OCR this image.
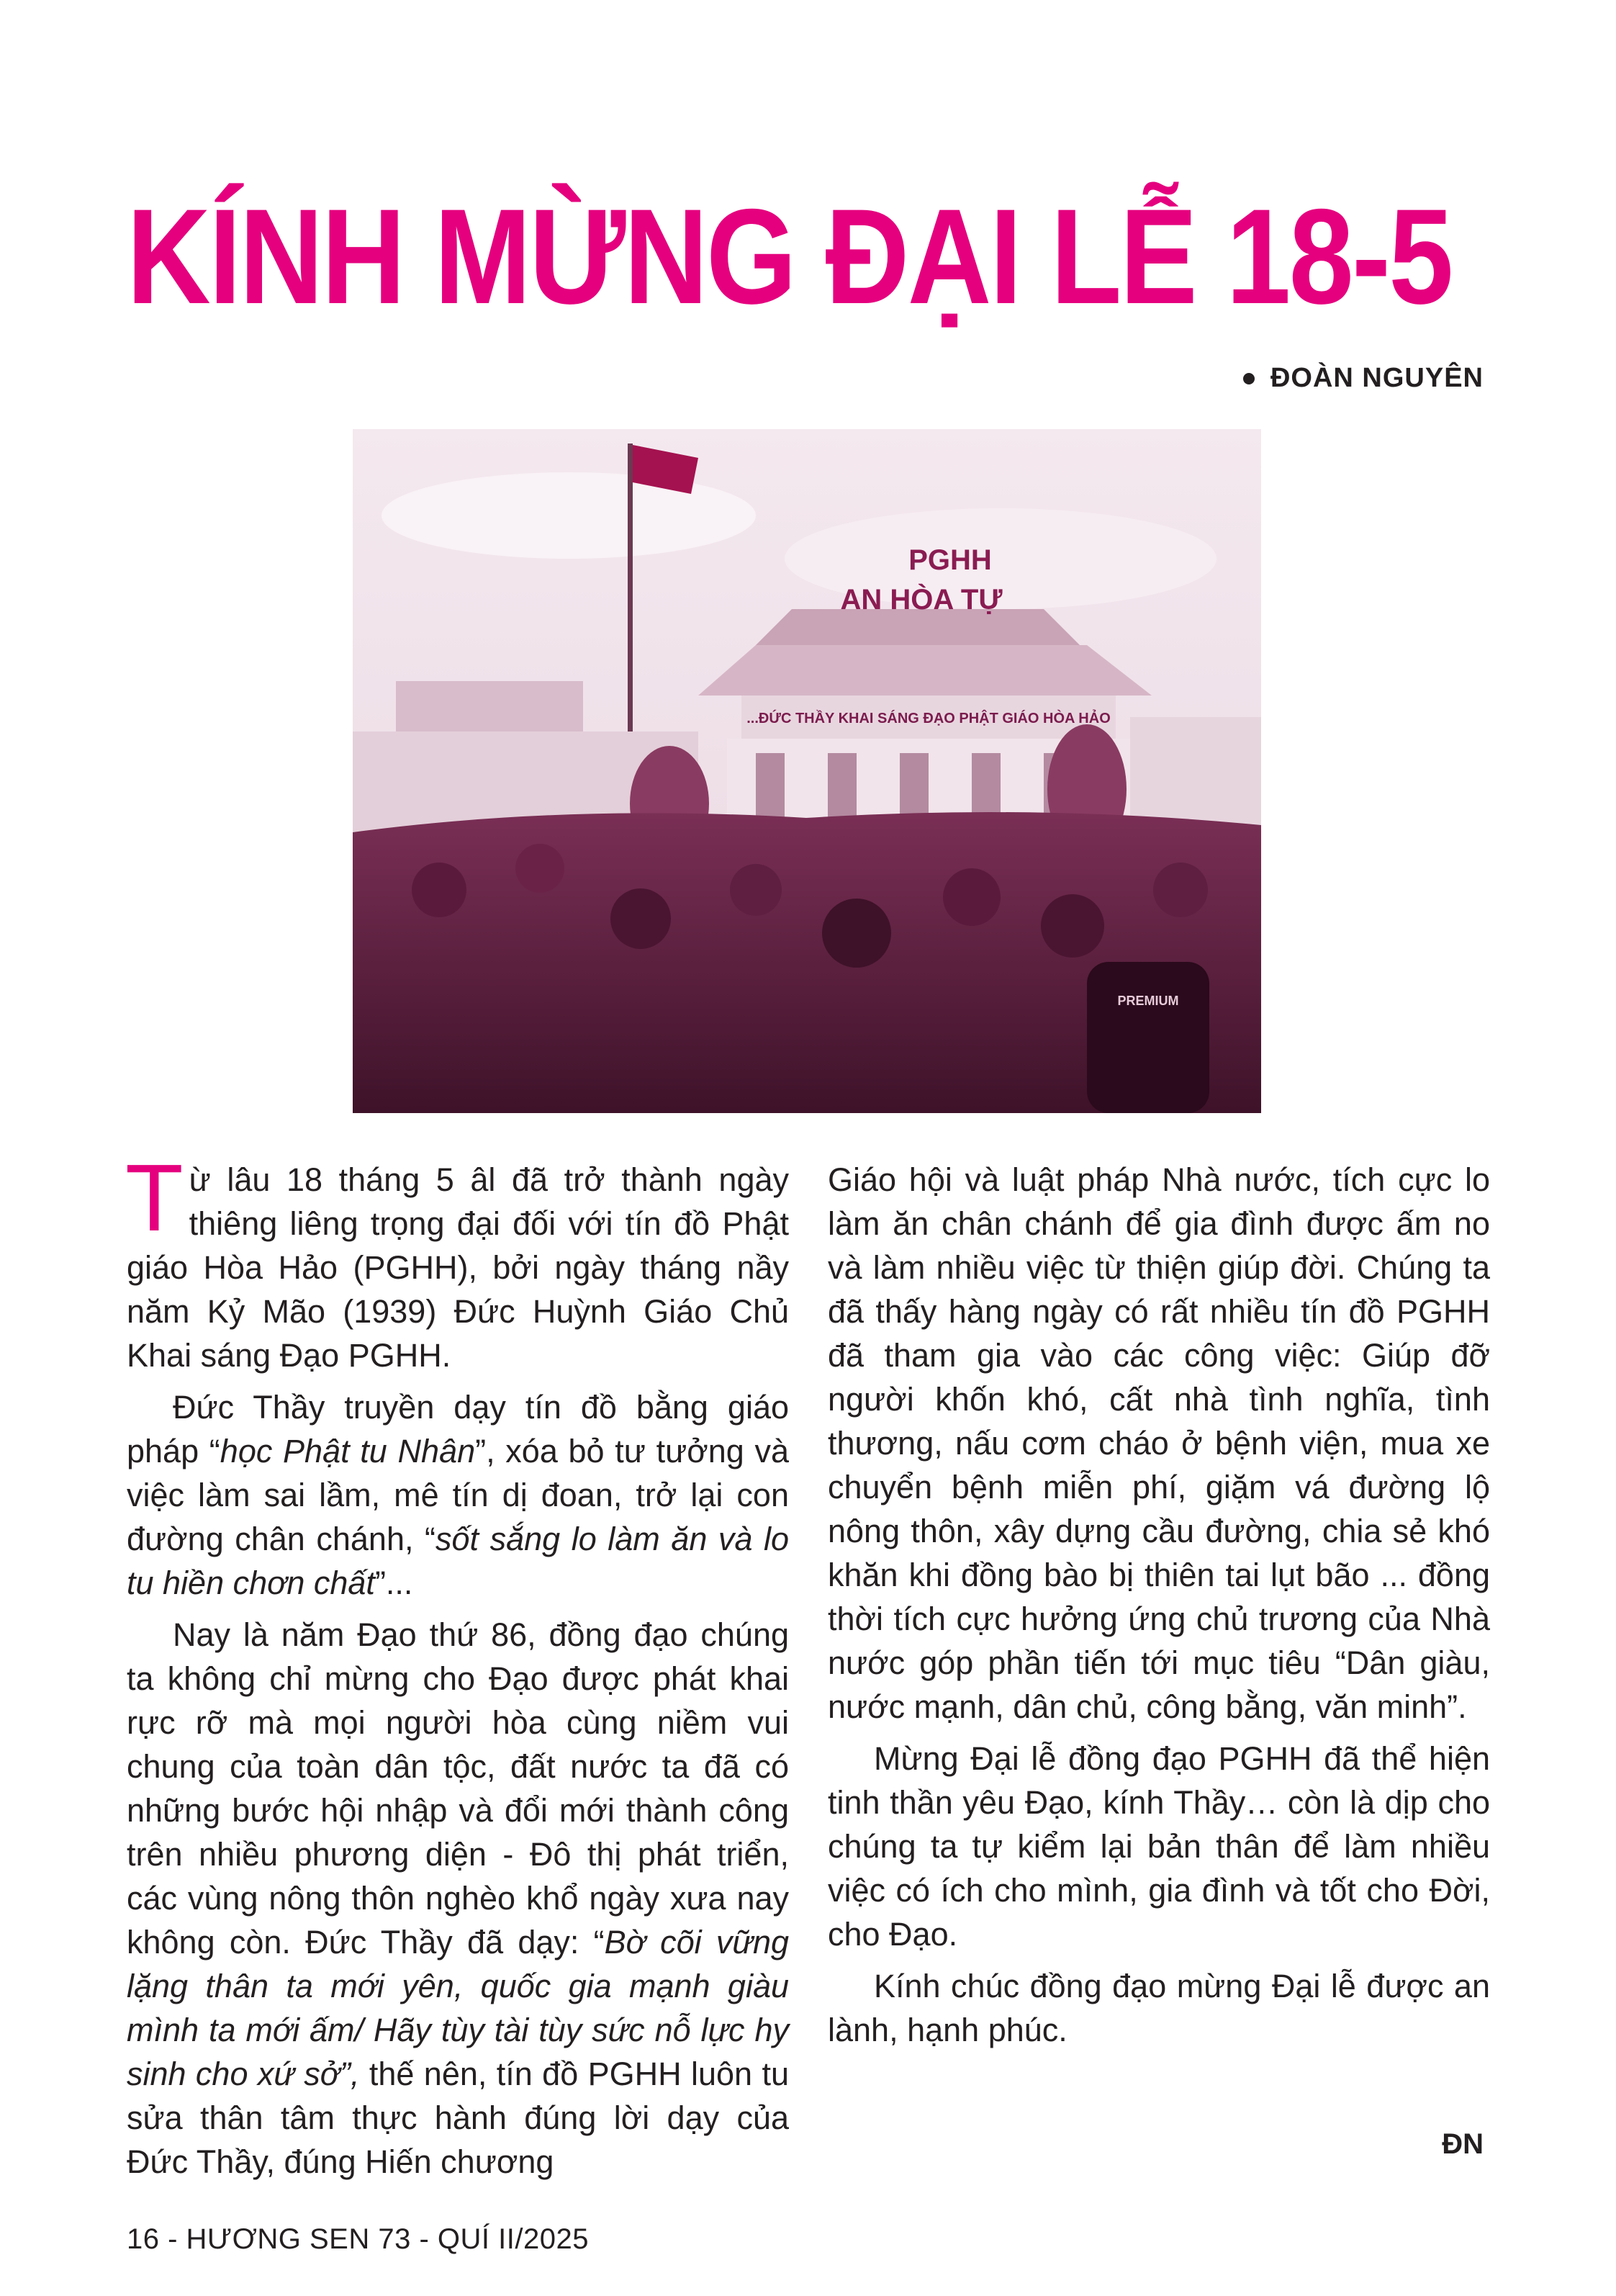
KÍNH MỪNG ĐẠI LỄ 18-5
ĐOÀN NGUYÊN
...ĐỨC THẦY KHAI SÁNG ĐẠO PHẬT GIÁO HÒA HẢO
PGHH
AN HÒA TỰ
PREMIUM

Từ lâu 18 tháng 5 âl đã trở thành ngày thiêng liêng trọng đại đối với tín đồ Phật giáo Hòa Hảo (PGHH), bởi ngày tháng nầy năm Kỷ Mão (1939) Đức Huỳnh Giáo Chủ Khai sáng Đạo PGHH.

Đức Thầy truyền dạy tín đồ bằng giáo pháp “học Phật tu Nhân”, xóa bỏ tư tưởng và việc làm sai lầm, mê tín dị đoan, trở lại con đường chân chánh, “sốt sắng lo làm ăn và lo tu hiền chơn chất”...

Nay là năm Đạo thứ 86, đồng đạo chúng ta không chỉ mừng cho Đạo được phát khai rực rỡ mà mọi người hòa cùng niềm vui chung của toàn dân tộc, đất nước ta đã có những bước hội nhập và đổi mới thành công trên nhiều phương diện - Đô thị phát triển, các vùng nông thôn nghèo khổ ngày xưa nay không còn. Đức Thầy đã dạy: “Bờ cõi vững lặng thân ta mới yên, quốc gia mạnh giàu mình ta mới ấm/ Hãy tùy tài tùy sức nỗ lực hy sinh cho xứ sở”, thế nên, tín đồ PGHH luôn tu sửa thân tâm thực hành đúng lời dạy của Đức Thầy, đúng Hiến chương

Giáo hội và luật pháp Nhà nước, tích cực lo làm ăn chân chánh để gia đình được ấm no và làm nhiều việc từ thiện giúp đời. Chúng ta đã thấy hàng ngày có rất nhiều tín đồ PGHH đã tham gia vào các công việc: Giúp đỡ người khốn khó, cất nhà tình nghĩa, tình thương, nấu cơm cháo ở bệnh viện, mua xe chuyển bệnh miễn phí, giặm vá đường lộ nông thôn, xây dựng cầu đường, chia sẻ khó khăn khi đồng bào bị thiên tai lụt bão ... đồng thời tích cực hưởng ứng chủ trương của Nhà nước góp phần tiến tới mục tiêu “Dân giàu, nước mạnh, dân chủ, công bằng, văn minh”.

Mừng Đại lễ đồng đạo PGHH đã thể hiện tinh thần yêu Đạo, kính Thầy… còn là dịp cho chúng ta tự kiểm lại bản thân để làm nhiều việc có ích cho mình, gia đình và tốt cho Đời, cho Đạo.

Kính chúc đồng đạo mừng Đại lễ được an lành, hạnh phúc.

ĐN
16 - HƯƠNG SEN 73 - QUÍ II/2025
